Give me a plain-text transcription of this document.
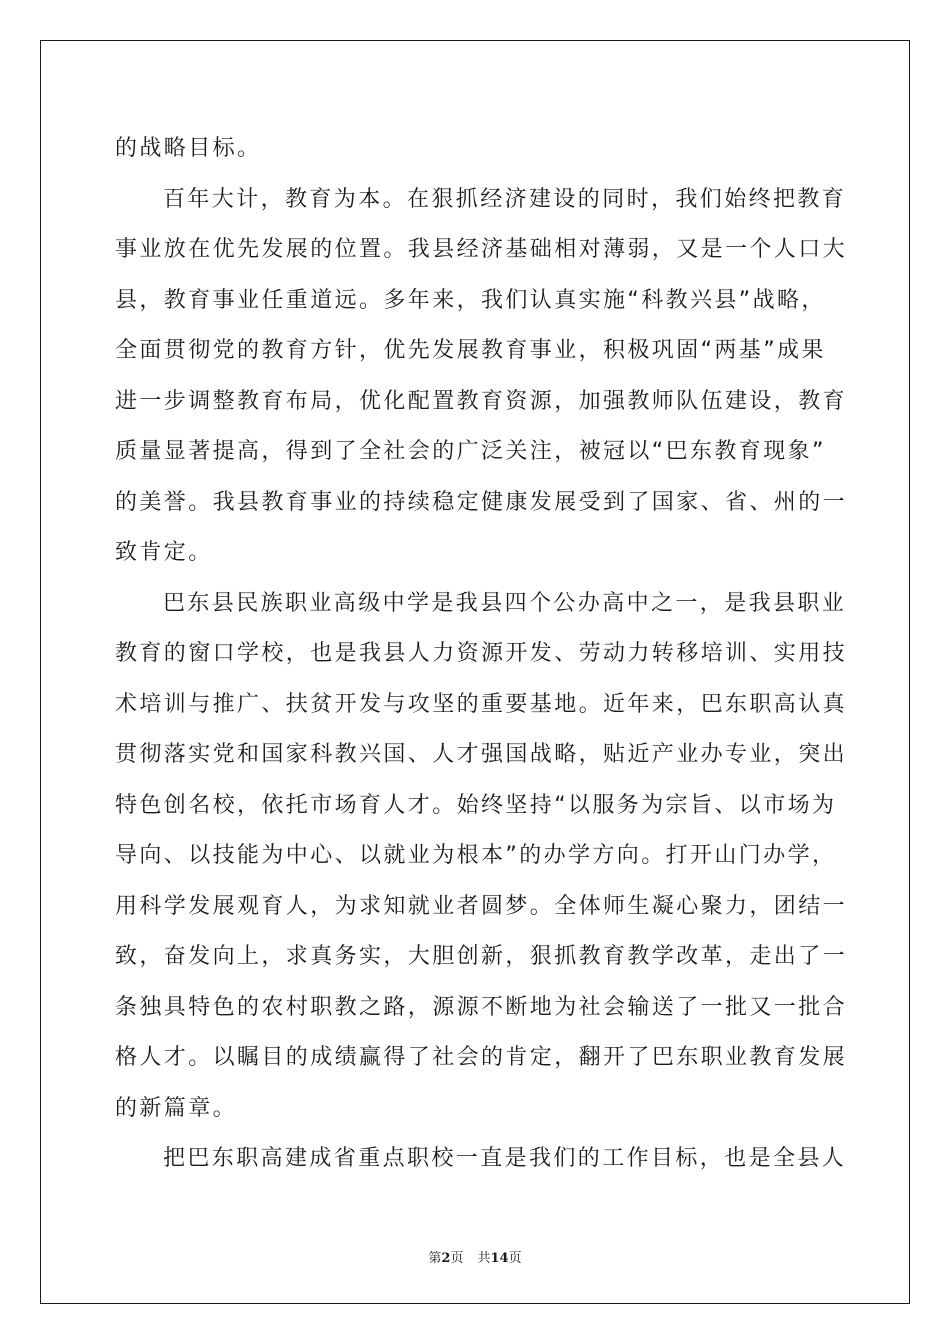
的战略目标。
百年大计，教育为本。在狠抓经济建设的同时，我们始终把教育
事业放在优先发展的位置。我县经济基础相对薄弱，又是一个人口大
县，教育事业任重道远。多年来，我们认真实施“科教兴县”战略，
全面贯彻党的教育方针，优先发展教育事业，积极巩固“两基”成果
进一步调整教育布局，优化配置教育资源，加强教师队伍建设，教育
质量显著提高，得到了全社会的广泛关注，被冠以“巴东教育现象”
的美誉。我县教育事业的持续稳定健康发展受到了国家、省、州的一
致肯定。
巴东县民族职业高级中学是我县四个公办高中之一，是我县职业
教育的窗口学校，也是我县人力资源开发、劳动力转移培训、实用技
术培训与推广、扶贫开发与攻坚的重要基地。近年来，巴东职高认真
贯彻落实党和国家科教兴国、人才强国战略，贴近产业办专业，突出
特色创名校，依托市场育人才。始终坚持“以服务为宗旨、以市场为
导向、以技能为中心、以就业为根本”的办学方向。打开山门办学，
用科学发展观育人，为求知就业者圆梦。全体师生凝心聚力，团结一
致，奋发向上，求真务实，大胆创新，狠抓教育教学改革，走出了一
条独具特色的农村职教之路，源源不断地为社会输送了一批又一批合
格人才。以瞩目的成绩赢得了社会的肯定，翻开了巴东职业教育发展
的新篇章。
把巴东职高建成省重点职校一直是我们的工作目标，也是全县人
第2页 共14页
